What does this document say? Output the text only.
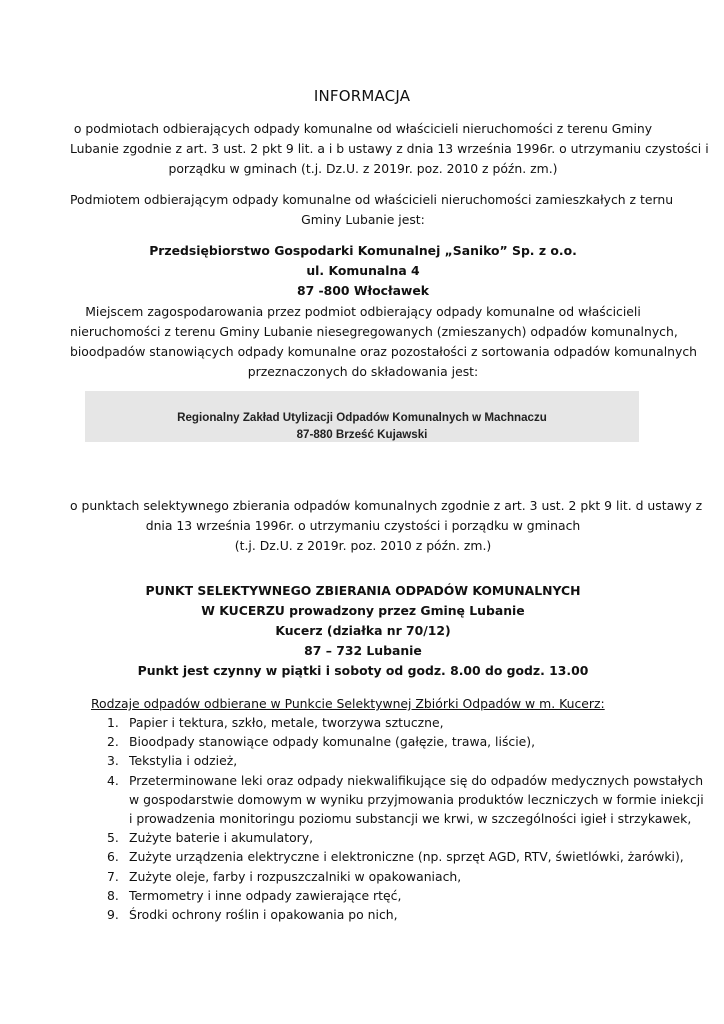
INFORMACJA
o podmiotach odbierających odpady komunalne od właścicieli nieruchomości z terenu Gminy
Lubanie zgodnie z art. 3 ust. 2 pkt 9 lit. a i b ustawy z dnia 13 września 1996r. o utrzymaniu czystości i
porządku w gminach (t.j. Dz.U. z 2019r. poz. 2010 z późn. zm.)
Podmiotem odbierającym odpady komunalne od właścicieli nieruchomości zamieszkałych z ternu
Gminy Lubanie jest:
Przedsiębiorstwo Gospodarki Komunalnej „Saniko” Sp. z o.o.
ul. Komunalna 4
87 -800 Włocławek
Miejscem zagospodarowania przez podmiot odbierający odpady komunalne od właścicieli
nieruchomości z terenu Gminy Lubanie niesegregowanych (zmieszanych) odpadów komunalnych,
bioodpadów stanowiących odpady komunalne oraz pozostałości z sortowania odpadów komunalnych
przeznaczonych do składowania jest:
Regionalny Zakład Utylizacji Odpadów Komunalnych w Machnaczu
87-880 Brześć Kujawski
o punktach selektywnego zbierania odpadów komunalnych zgodnie z art. 3 ust. 2 pkt 9 lit. d ustawy z
dnia 13 września 1996r. o utrzymaniu czystości i porządku w gminach
(t.j. Dz.U. z 2019r. poz. 2010 z późn. zm.)
PUNKT SELEKTYWNEGO ZBIERANIA ODPADÓW KOMUNALNYCH
W KUCERZU prowadzony przez Gminę Lubanie
Kucerz (działka nr 70/12)
87 – 732 Lubanie
Punkt jest czynny w piątki i soboty od godz. 8.00 do godz. 13.00
Rodzaje odpadów odbierane w Punkcie Selektywnej Zbiórki Odpadów w m. Kucerz:
1. Papier i tektura, szkło, metale, tworzywa sztuczne,
2. Bioodpady stanowiące odpady komunalne (gałęzie, trawa, liście),
3. Tekstylia i odzież,
4. Przeterminowane leki oraz odpady niekwalifikujące się do odpadów medycznych powstałych
w gospodarstwie domowym w wyniku przyjmowania produktów leczniczych w formie iniekcji
i prowadzenia monitoringu poziomu substancji we krwi, w szczególności igieł i strzykawek,
5. Zużyte baterie i akumulatory,
6. Zużyte urządzenia elektryczne i elektroniczne (np. sprzęt AGD, RTV, świetlówki, żarówki),
7. Zużyte oleje, farby i rozpuszczalniki w opakowaniach,
8. Termometry i inne odpady zawierające rtęć,
9. Środki ochrony roślin i opakowania po nich,
